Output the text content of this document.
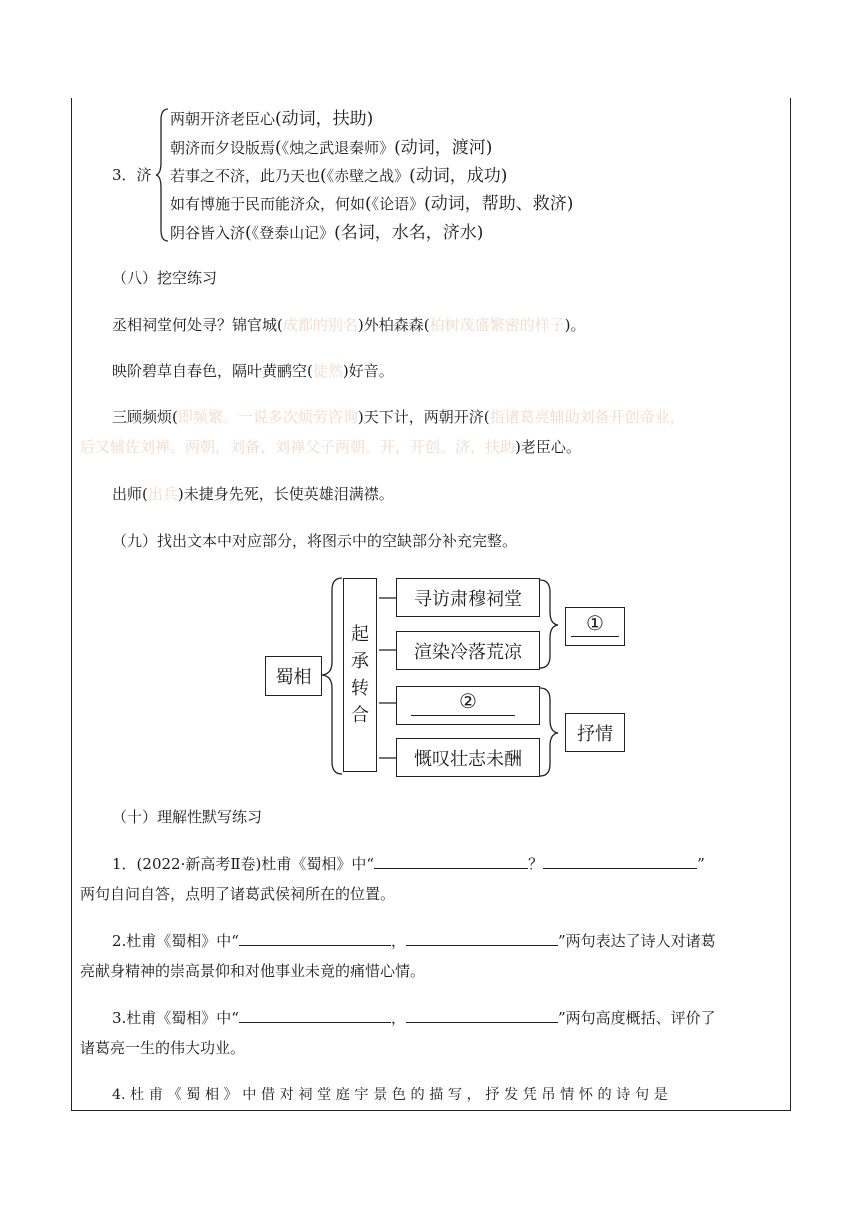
3．济
两朝开济老臣心(动词，扶助)
朝济而夕设版焉(《烛之武退秦师》(动词，渡河)
若事之不济，此乃天也(《赤壁之战》(动词，成功)
如有博施于民而能济众，何如(《论语》(动词，帮助、救济)
阴谷皆入济(《登泰山记》(名词，水名，济水)
（八）挖空练习
丞相祠堂何处寻？锦官城(成都的别名)外柏森森(柏树茂盛繁密的样子)。
映阶碧草自春色，隔叶黄鹂空(徒然)好音。
三顾频烦(即频繁。一说多次烦劳咨询)天下计，两朝开济(指诸葛亮辅助刘备开创帝业，
后又辅佐刘禅。两朝，刘备、刘禅父子两朝。开，开创。济，扶助)老臣心。
出师(出兵)未捷身先死，长使英雄泪满襟。
（九）找出文本中对应部分，将图示中的空缺部分补充完整。
蜀相
起承转合
寻访肃穆祠堂
渲染冷落荒凉
②
慨叹壮志未酬
①
抒情
（十）理解性默写练习
1．(2022·新高考Ⅱ卷)杜甫《蜀相》中“	？	”
两句自问自答，点明了诸葛武侯祠所在的位置。
2.杜甫《蜀相》中“	，	”两句表达了诗人对诸葛
亮献身精神的崇高景仰和对他事业未竟的痛惜心情。
3.杜甫《蜀相》中“	，	”两句高度概括、评价了
诸葛亮一生的伟大功业。
4. 杜 甫 《 蜀 相 》 中 借 对 祠 堂 庭 宇 景 色 的 描 写 ， 抒 发 凭 吊 情 怀 的 诗 句 是
